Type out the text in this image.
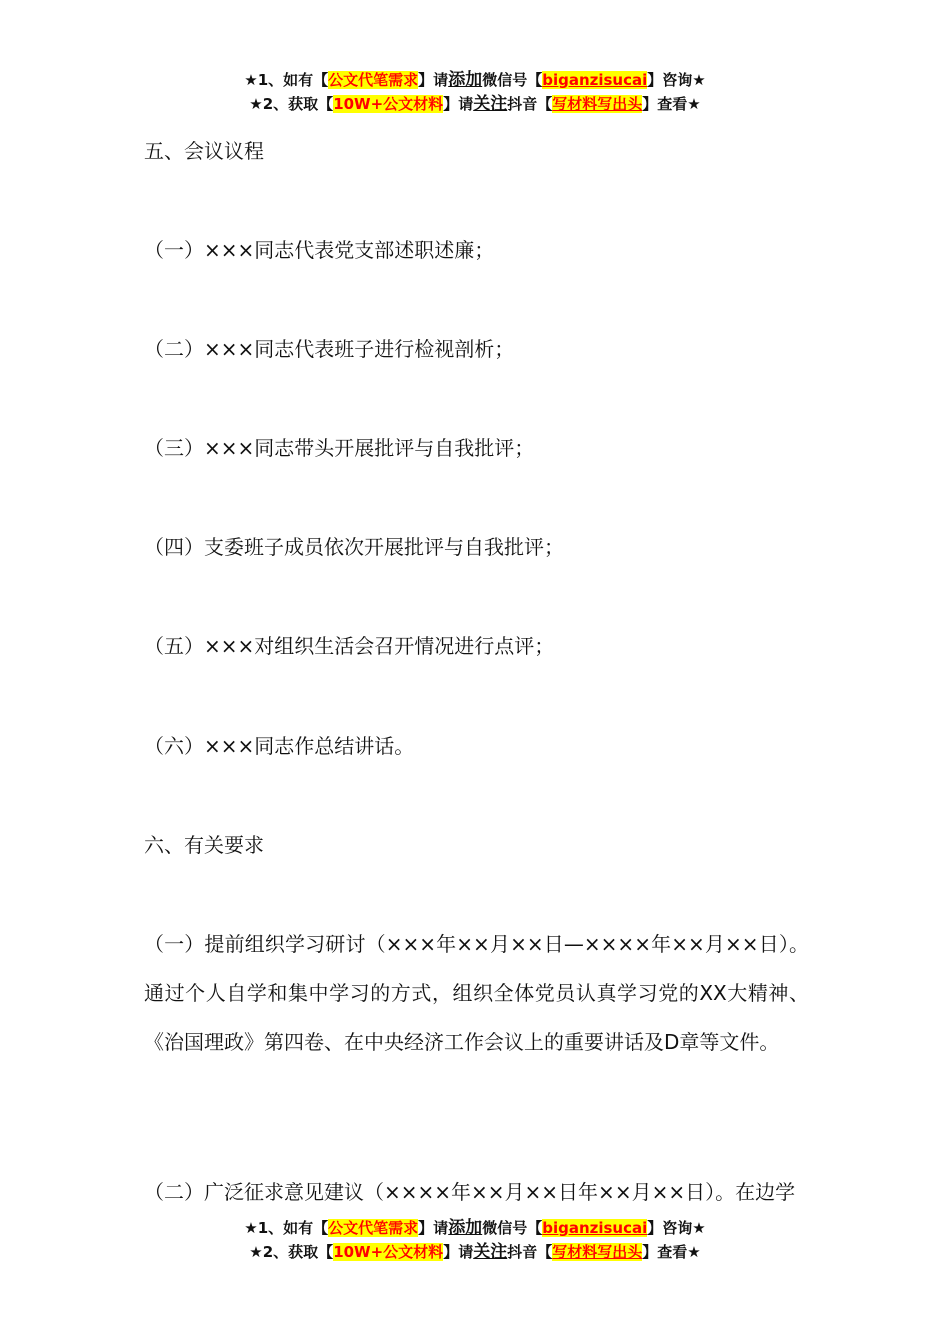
★1、如有【公文代笔需求】请添加微信号【biganzisucai】咨询★
★2、获取【10W+公文材料】请关注抖音【写材料写出头】查看★
五、会议议程
（一）×××同志代表党支部述职述廉；
（二）×××同志代表班子进行检视剖析；
（三）×××同志带头开展批评与自我批评；
（四）支委班子成员依次开展批评与自我批评；
（五）×××对组织生活会召开情况进行点评；
（六）×××同志作总结讲话。
六、有关要求
（一）提前组织学习研讨（×××年××月××日—××××年××月××日）。通过个人自学和集中学习的方式，组织全体党员认真学习党的XX大精神、《治国理政》第四卷、在中央经济工作会议上的重要讲话及D章等文件。
（二）广泛征求意见建议（××××年××月××日年××月××日）。在边学
★1、如有【公文代笔需求】请添加微信号【biganzisucai】咨询★
★2、获取【10W+公文材料】请关注抖音【写材料写出头】查看★
